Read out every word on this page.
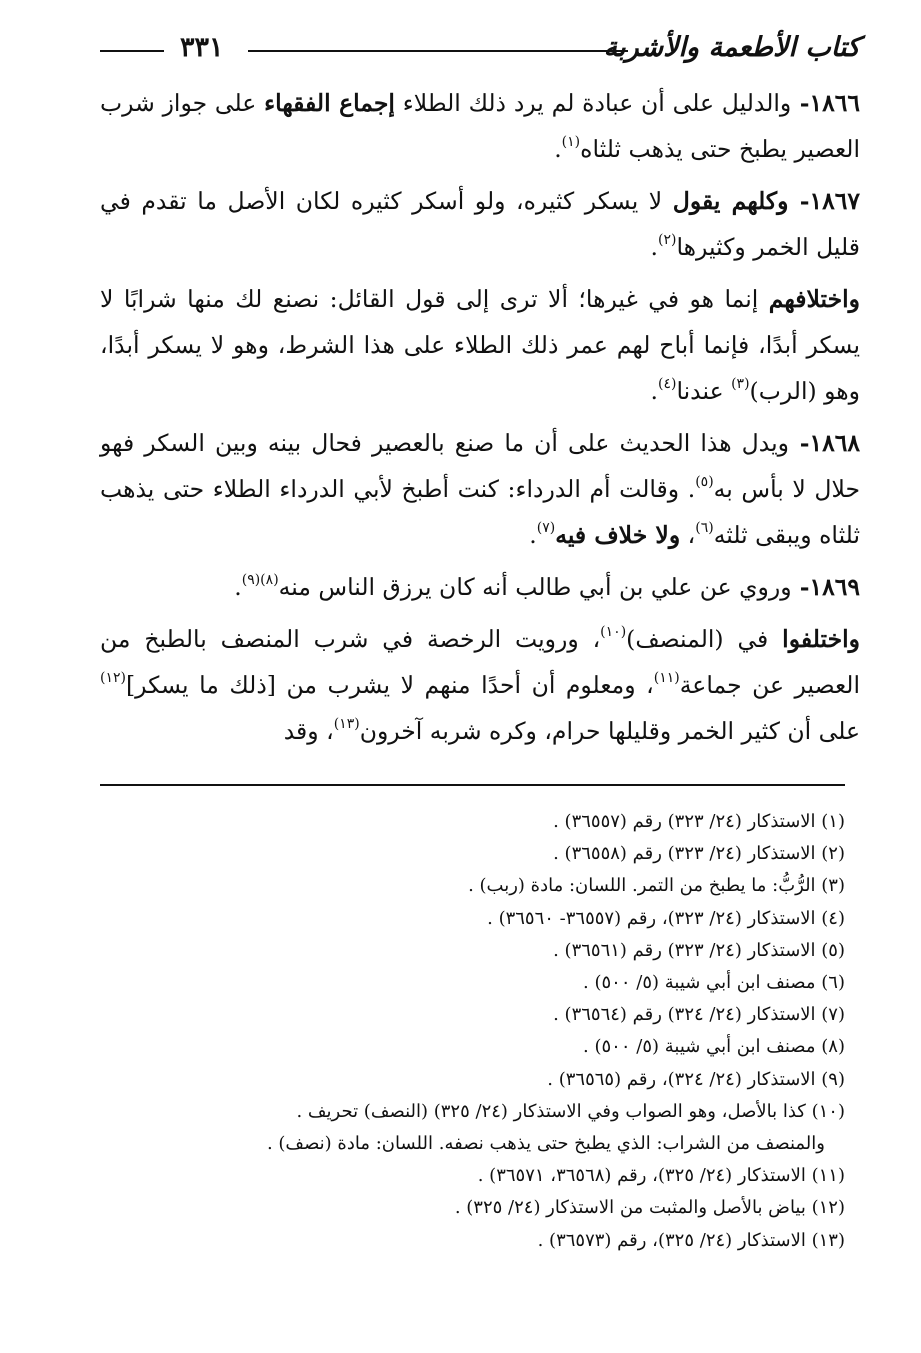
كتاب الأطعمة والأشربة
٣٣١

١٨٦٦- والدليل على أن عبادة لم يرد ذلك الطلاء إجماع الفقهاء على جواز شرب العصير يطبخ حتى يذهب ثلثاه$^{(١)}$.

١٨٦٧- وكلهم يقول لا يسكر كثيره، ولو أسكر كثيره لكان الأصل ما تقدم في قليل الخمر وكثيرها$^{(٢)}$.

واختلافهم إنما هو في غيرها؛ ألا ترى إلى قول القائل: نصنع لك منها شرابًا لا يسكر أبدًا، فإنما أباح لهم عمر ذلك الطلاء على هذا الشرط، وهو لا يسكر أبدًا، وهو (الرب)$^{(٣)}$ عندنا$^{(٤)}$.

١٨٦٨- ويدل هذا الحديث على أن ما صنع بالعصير فحال بينه وبين السكر فهو حلال لا بأس به$^{(٥)}$. وقالت أم الدرداء: كنت أطبخ لأبي الدرداء الطلاء حتى يذهب ثلثاه ويبقى ثلثه$^{(٦)}$، ولا خلاف فيه$^{(٧)}$.

١٨٦٩- وروي عن علي بن أبي طالب أنه كان يرزق الناس منه$^{(٨)(٩)}$.

واختلفوا في (المنصف)$^{(١٠)}$، ورويت الرخصة في شرب المنصف بالطبخ من العصير عن جماعة$^{(١١)}$، ومعلوم أن أحدًا منهم لا يشرب من [ذلك ما يسكر]$^{(١٢)}$ على أن كثير الخمر وقليلها حرام، وكره شربه آخرون$^{(١٣)}$، وقد

(١) الاستذكار (٢٤/ ٣٢٣) رقم (٣٦٥٥٧) .

(٢) الاستذكار (٢٤/ ٣٢٣) رقم (٣٦٥٥٨) .

(٣) الرُّبُّ: ما يطبخ من التمر. اللسان: مادة (ربب) .

(٤) الاستذكار (٢٤/ ٣٢٣)، رقم (٣٦٥٥٧- ٣٦٥٦٠) .

(٥) الاستذكار (٢٤/ ٣٢٣) رقم (٣٦٥٦١) .

(٦) مصنف ابن أبي شيبة (٥/ ٥٠٠) .

(٧) الاستذكار (٢٤/ ٣٢٤) رقم (٣٦٥٦٤) .

(٨) مصنف ابن أبي شيبة (٥/ ٥٠٠) .

(٩) الاستذكار (٢٤/ ٣٢٤)، رقم (٣٦٥٦٥) .

(١٠) كذا بالأصل، وهو الصواب وفي الاستذكار (٢٤/ ٣٢٥) (النصف) تحريف .

والمنصف من الشراب: الذي يطبخ حتى يذهب نصفه. اللسان: مادة (نصف) .

(١١) الاستذكار (٢٤/ ٣٢٥)، رقم (٣٦٥٦٨، ٣٦٥٧١) .

(١٢) بياض بالأصل والمثبت من الاستذكار (٢٤/ ٣٢٥) .

(١٣) الاستذكار (٢٤/ ٣٢٥)، رقم (٣٦٥٧٣) .
